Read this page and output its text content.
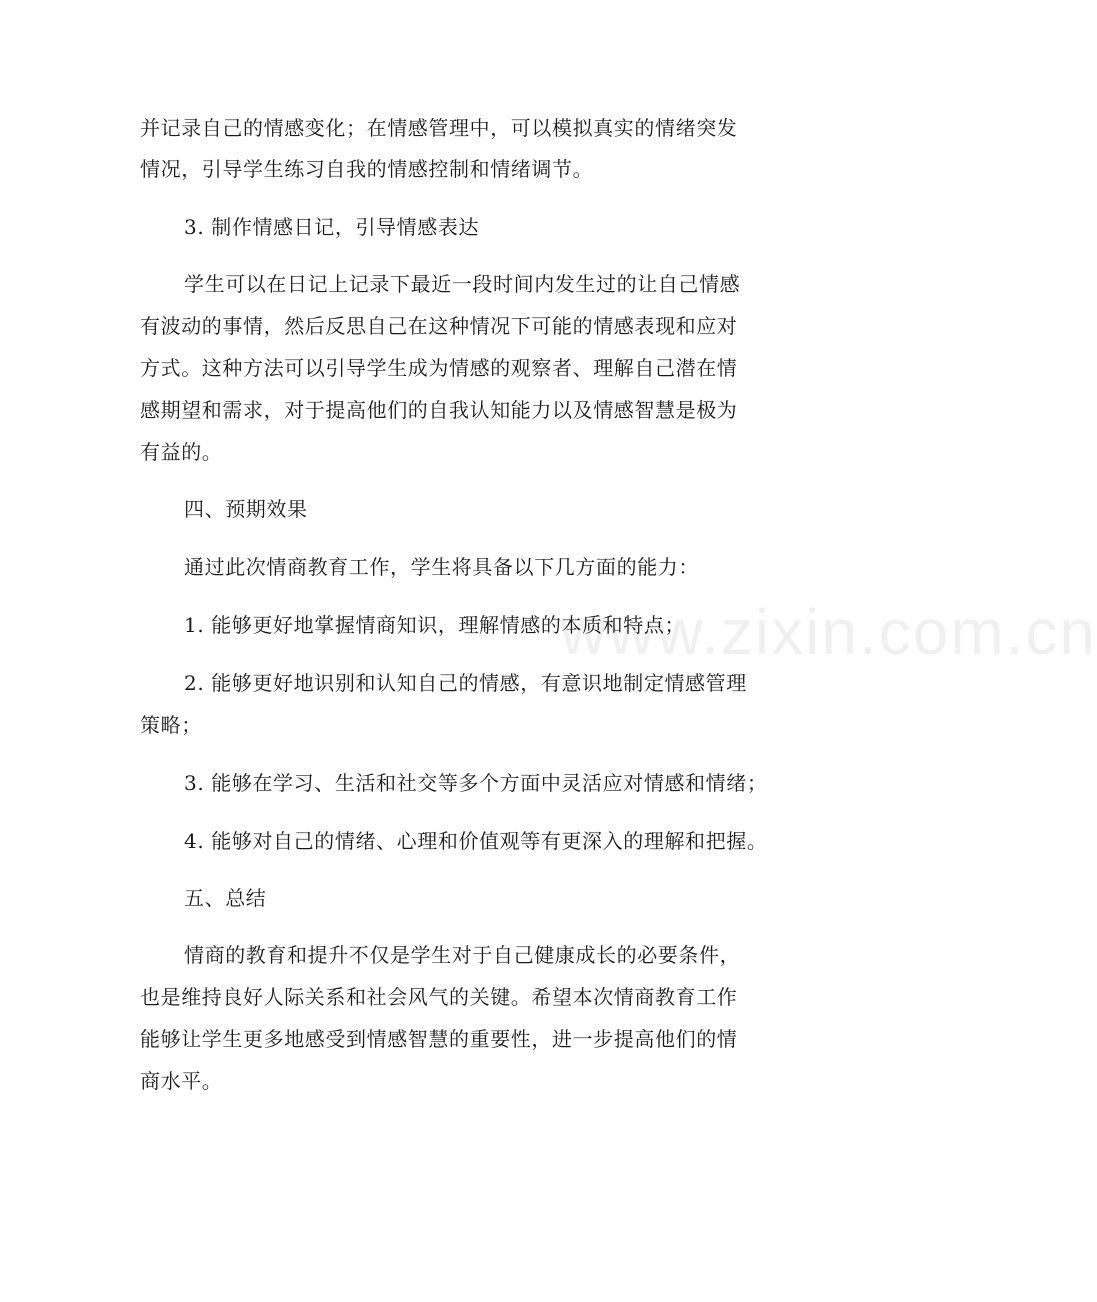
并记录自己的情感变化；在情感管理中，可以模拟真实的情绪突发
情况，引导学生练习自我的情感控制和情绪调节。
3. 制作情感日记，引导情感表达
学生可以在日记上记录下最近一段时间内发生过的让自己情感
有波动的事情，然后反思自己在这种情况下可能的情感表现和应对
方式。这种方法可以引导学生成为情感的观察者、理解自己潜在情
感期望和需求，对于提高他们的自我认知能力以及情感智慧是极为
有益的。
四、预期效果
通过此次情商教育工作，学生将具备以下几方面的能力：
1. 能够更好地掌握情商知识，理解情感的本质和特点；
2. 能够更好地识别和认知自己的情感，有意识地制定情感管理
策略；
3. 能够在学习、生活和社交等多个方面中灵活应对情感和情绪；
4. 能够对自己的情绪、心理和价值观等有更深入的理解和把握。
五、总结
情商的教育和提升不仅是学生对于自己健康成长的必要条件，
也是维持良好人际关系和社会风气的关键。希望本次情商教育工作
能够让学生更多地感受到情感智慧的重要性，进一步提高他们的情
商水平。
www.zixin.com.cn
